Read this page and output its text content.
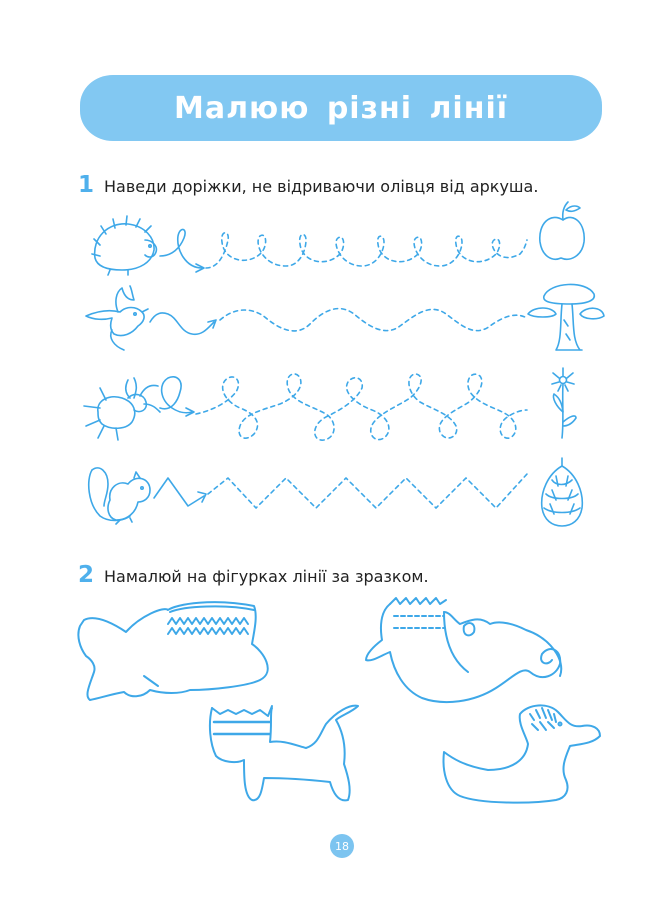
Малюю різні лінії
1 Наведи доріжки, не відриваючи олівця від аркуша.
2 Намалюй на фігурках лінії за зразком.
18
